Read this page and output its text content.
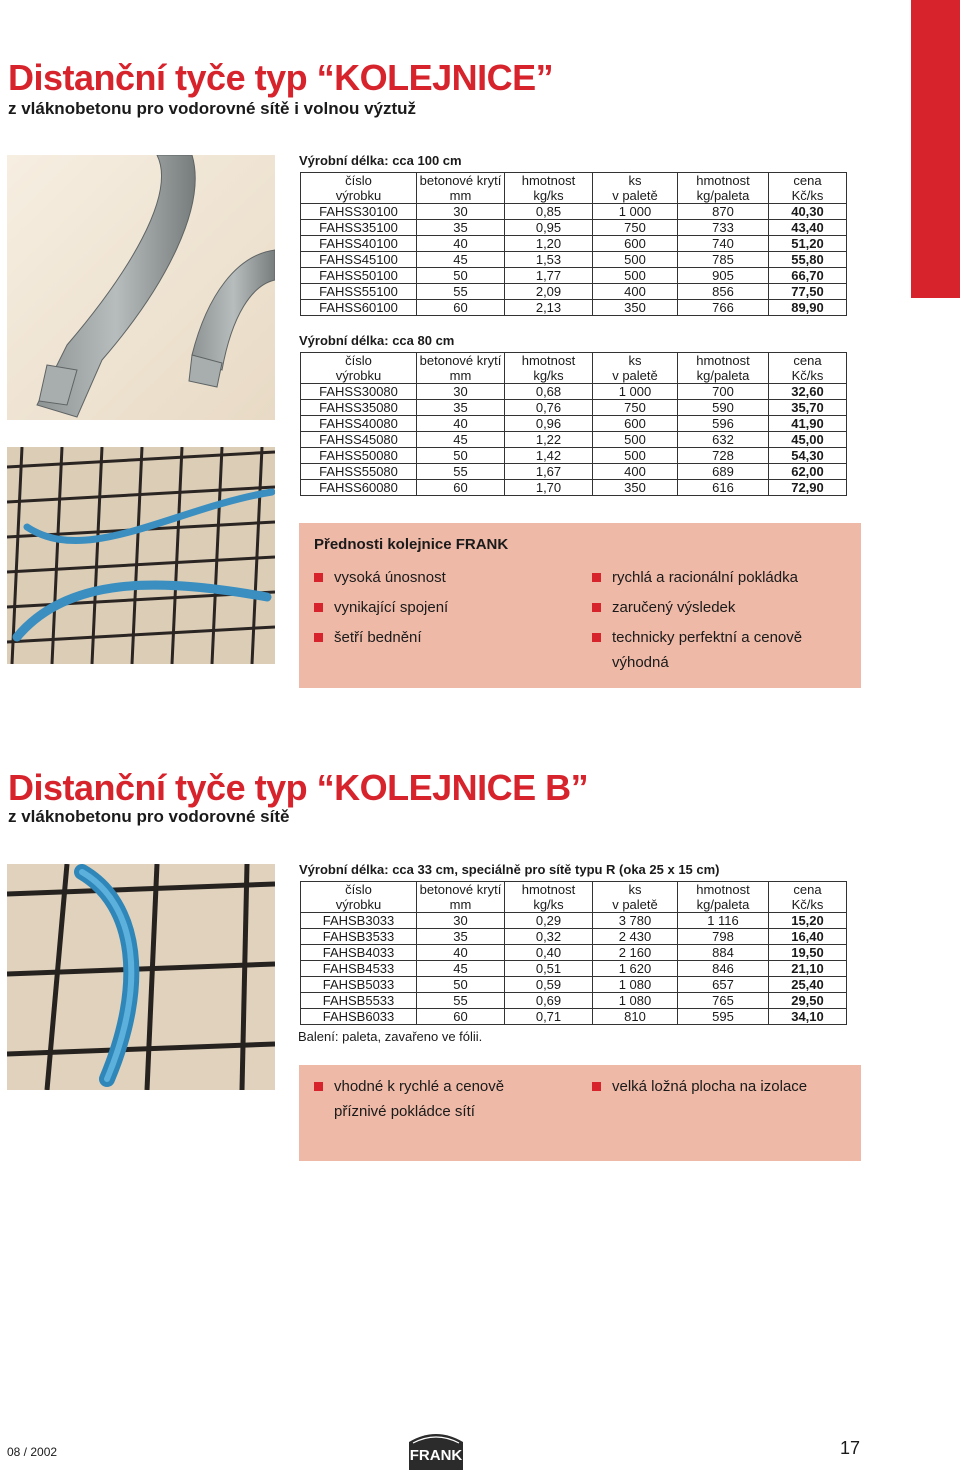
Distanční tyče typ “KOLEJNICE”
z vláknobetonu pro vodorovné sítě i volnou výztuž
Výrobní délka: cca 100 cm
číslo	betonové krytí	hmotnost	ks	hmotnost	cena
výrobku	mm	kg/ks	v paletě	kg/paleta	Kč/ks
FAHSS30100	30	0,85	1 000	870	40,30
FAHSS35100	35	0,95	750	733	43,40
FAHSS40100	40	1,20	600	740	51,20
FAHSS45100	45	1,53	500	785	55,80
FAHSS50100	50	1,77	500	905	66,70
FAHSS55100	55	2,09	400	856	77,50
FAHSS60100	60	2,13	350	766	89,90
Výrobní délka: cca 80 cm
číslo	betonové krytí	hmotnost	ks	hmotnost	cena
výrobku	mm	kg/ks	v paletě	kg/paleta	Kč/ks
FAHSS30080	30	0,68	1 000	700	32,60
FAHSS35080	35	0,76	750	590	35,70
FAHSS40080	40	0,96	600	596	41,90
FAHSS45080	45	1,22	500	632	45,00
FAHSS50080	50	1,42	500	728	54,30
FAHSS55080	55	1,67	400	689	62,00
FAHSS60080	60	1,70	350	616	72,90
Přednosti kolejnice FRANK
vysoká únosnost
vynikající spojení
šetří bednění
rychlá a racionální pokládka
zaručený výsledek
technicky perfektní a cenově výhodná
Distanční tyče typ “KOLEJNICE B”
z vláknobetonu pro vodorovné sítě
Výrobní délka: cca 33 cm, speciálně pro sítě typu R (oka 25 x 15 cm)
číslo	betonové krytí	hmotnost	ks	hmotnost	cena
výrobku	mm	kg/ks	v paletě	kg/paleta	Kč/ks
FAHSB3033	30	0,29	3 780	1 116	15,20
FAHSB3533	35	0,32	2 430	798	16,40
FAHSB4033	40	0,40	2 160	884	19,50
FAHSB4533	45	0,51	1 620	846	21,10
FAHSB5033	50	0,59	1 080	657	25,40
FAHSB5533	55	0,69	1 080	765	29,50
FAHSB6033	60	0,71	810	595	34,10
Balení: paleta, zavařeno ve fólii.
vhodné k rychlé a cenově příznivé pokládce sítí
velká ložná plocha na izolace
08 / 2002	FRANK	17
